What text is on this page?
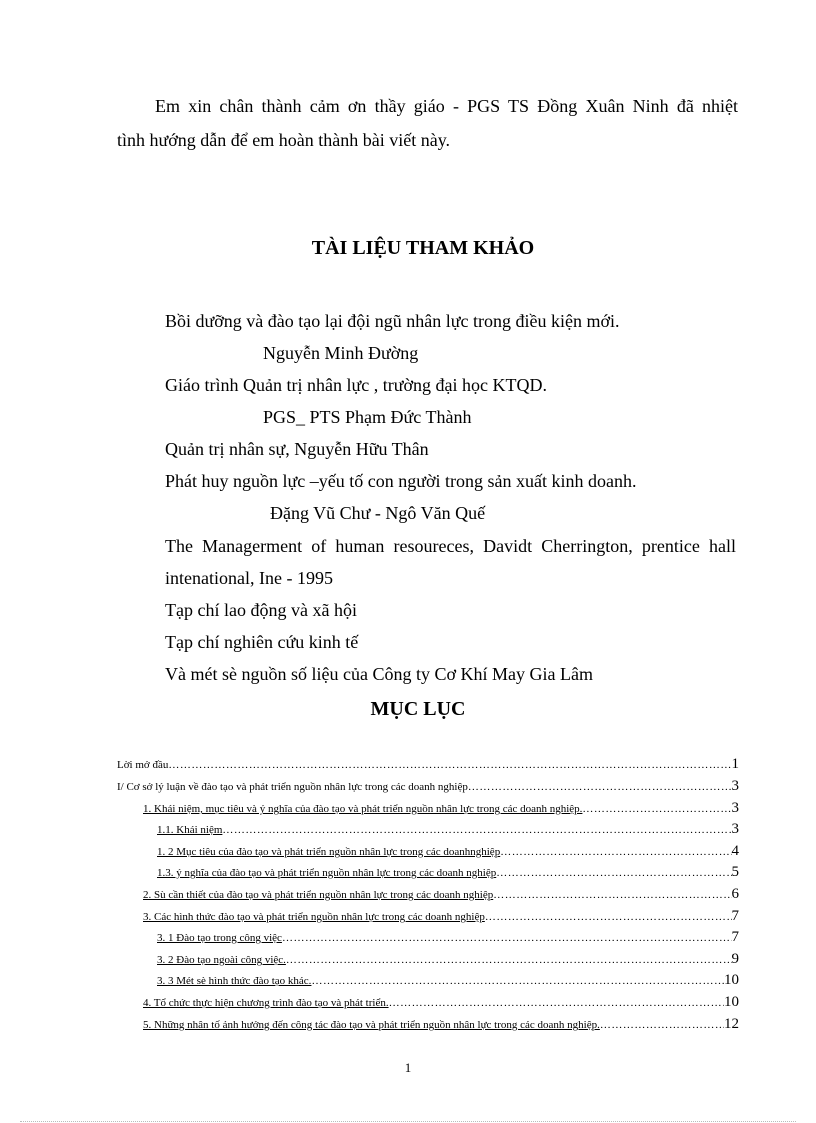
Em xin chân thành cảm ơn thầy giáo - PGS TS Đồng Xuân Ninh đã nhiệt
tình hướng dẫn để em hoàn thành bài viết này.
TÀI LIỆU THAM KHẢO
Bồi dưỡng và đào tạo lại đội ngũ nhân lực trong điều kiện mới.
Nguyễn Minh Đường
Giáo trình Quản trị nhân lực , trường đại học KTQD.
PGS_ PTS Phạm Đức Thành
Quản trị nhân sự, Nguyễn Hữu Thân
Phát huy nguồn lực –yếu tố con người trong sản xuất kinh doanh.
Đặng Vũ Chư - Ngô Văn Quế
The Managerment of human resoureces, Davidt Cherrington, prentice hall
intenational, Ine - 1995
Tạp chí lao động và xã hội
Tạp chí nghiên cứu kinh tế
Và mét sè nguồn số liệu của Công ty Cơ Khí May Gia Lâm
MỤC LỤC
Lời mở đầu …………………………………………………………………………………………………………………………………………………………………………………………………………………………………………………………………………	1
I/ Cơ sở lý luận về đào tạo và phát triển nguồn nhân lực trong các doanh nghiệp …………………………………………………………………………………………………………………………………………………………………………………………………………………………………………………………………………	3
1. Khái niệm, mục tiêu và ý nghĩa của đào tạo và phát triển nguồn nhân lực trong các doanh nghiệp. …………………………………………………………………………………………………………………………………………………………………………………………………………………………………………………………………………	3
1.1. Khái niệm …………………………………………………………………………………………………………………………………………………………………………………………………………………………………………………………………………	3
1. 2 Mục tiêu của đào tạo và phát triển nguồn nhân lực trong các doanhnghiệp …………………………………………………………………………………………………………………………………………………………………………………………………………………………………………………………………………	4
1.3. ý nghĩa của đào tạo và phát triển nguồn nhân lực trong các doanh nghiệp …………………………………………………………………………………………………………………………………………………………………………………………………………………………………………………………………………	5
2. Sù cần thiết của đào tạo và phát triển nguồn nhân lực trong các doanh nghiệp …………………………………………………………………………………………………………………………………………………………………………………………………………………………………………………………………………	6
3. Các hình thức đào tạo và phát triển nguồn nhân lực trong các doanh nghiệp …………………………………………………………………………………………………………………………………………………………………………………………………………………………………………………………………………	7
3. 1 Đào tạo trong công việc …………………………………………………………………………………………………………………………………………………………………………………………………………………………………………………………………………	7
3. 2 Đào tạo ngoài công việc. …………………………………………………………………………………………………………………………………………………………………………………………………………………………………………………………………………	9
3. 3 Mét sè hình thức đào tạo khác. …………………………………………………………………………………………………………………………………………………………………………………………………………………………………………………………………………	10
4. Tổ chức thực hiện chương trình đào tạo và phát triển. …………………………………………………………………………………………………………………………………………………………………………………………………………………………………………………………………………	10
5. Những nhân tố ảnh hưởng đến công tác đào tạo và phát triển nguồn nhân lực trong các doanh nghiệp. …………………………………………………………………………………………………………………………………………………………………………………………………………………………………………………………………………	12
1
